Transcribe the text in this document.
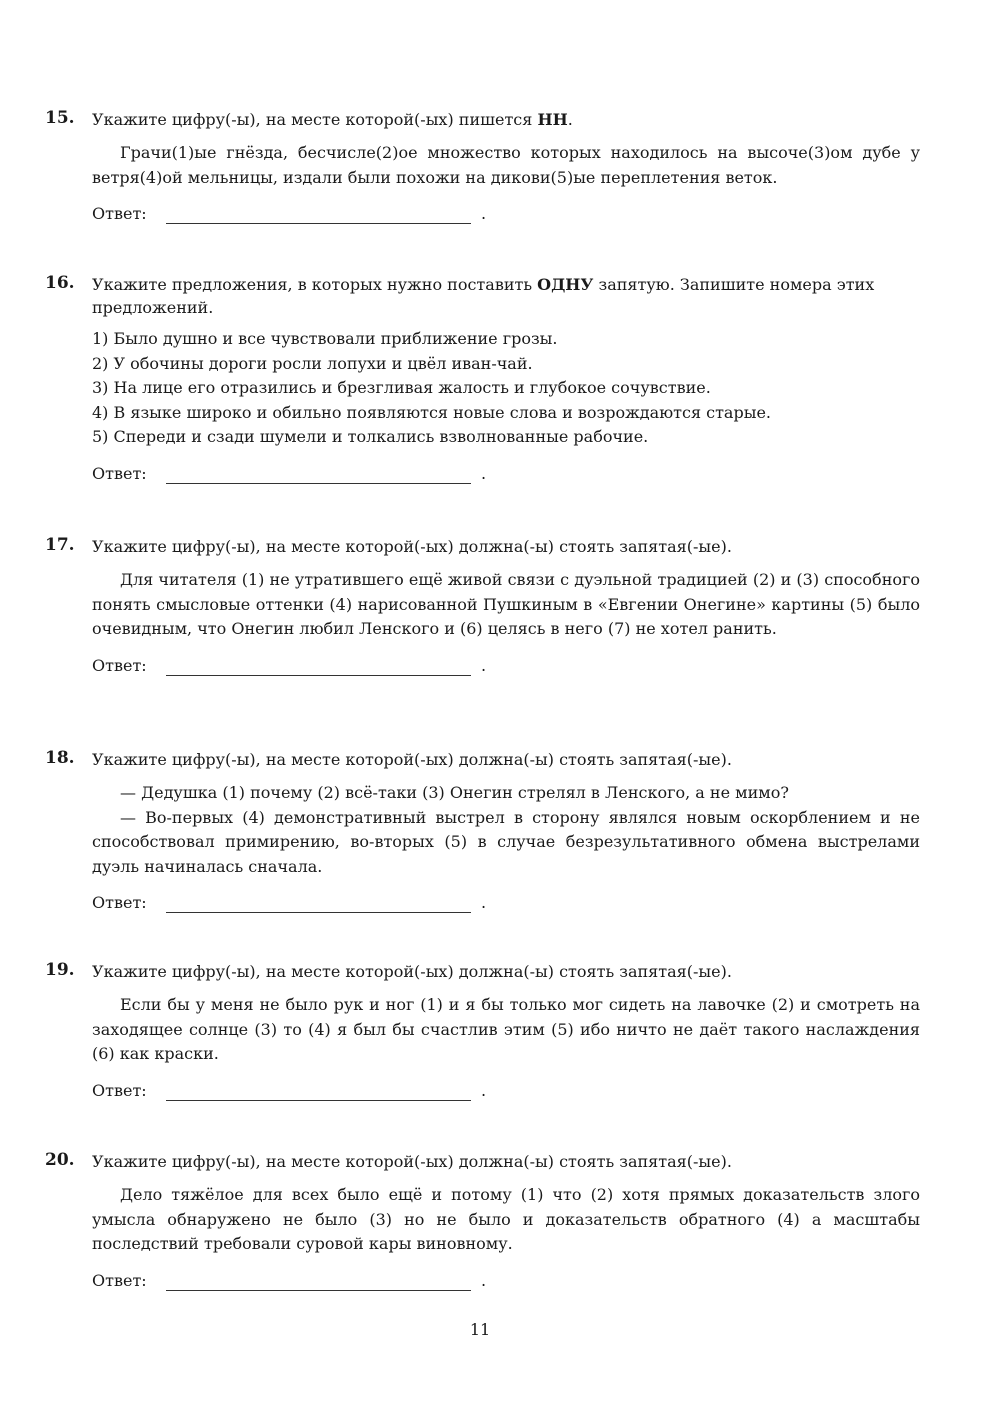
15. Укажите цифру(-ы), на месте которой(-ых) пишется НН.
Грачи(1)ые гнёзда, бесчисле(2)ое множество которых находилось на высоче(3)ом дубе у ветря(4)ой мельницы, издали были похожи на дикови(5)ые переплетения веток.
Ответ:	.
16. Укажите предложения, в которых нужно поставить ОДНУ запятую. Запишите номера этих предложений.
1) Было душно и все чувствовали приближение грозы.
2) У обочины дороги росли лопухи и цвёл иван-чай.
3) На лице его отразились и брезгливая жалость и глубокое сочувствие.
4) В языке широко и обильно появляются новые слова и возрождаются старые.
5) Спереди и сзади шумели и толкались взволнованные рабочие.
Ответ:	.
17. Укажите цифру(-ы), на месте которой(-ых) должна(-ы) стоять запятая(-ые).
Для читателя (1) не утратившего ещё живой связи с дуэльной традицией (2) и (3) способного понять смысловые оттенки (4) нарисованной Пушкиным в «Евгении Онегине» картины (5) было очевидным, что Онегин любил Ленского и (6) целясь в него (7) не хотел ранить.
Ответ:	.
18. Укажите цифру(-ы), на месте которой(-ых) должна(-ы) стоять запятая(-ые).
— Дедушка (1) почему (2) всё-таки (3) Онегин стрелял в Ленского, а не мимо?
— Во-первых (4) демонстративный выстрел в сторону являлся новым оскорблением и не способствовал примирению, во-вторых (5) в случае безрезультативного обмена выстрелами дуэль начиналась сначала.
Ответ:	.
19. Укажите цифру(-ы), на месте которой(-ых) должна(-ы) стоять запятая(-ые).
Если бы у меня не было рук и ног (1) и я бы только мог сидеть на лавочке (2) и смотреть на заходящее солнце (3) то (4) я был бы счастлив этим (5) ибо ничто не даёт такого наслаждения (6) как краски.
Ответ:	.
20. Укажите цифру(-ы), на месте которой(-ых) должна(-ы) стоять запятая(-ые).
Дело тяжёлое для всех было ещё и потому (1) что (2) хотя прямых доказательств злого умысла обнаружено не было (3) но не было и доказательств обратного (4) а масштабы последствий требовали суровой кары виновному.
Ответ:	.
11
